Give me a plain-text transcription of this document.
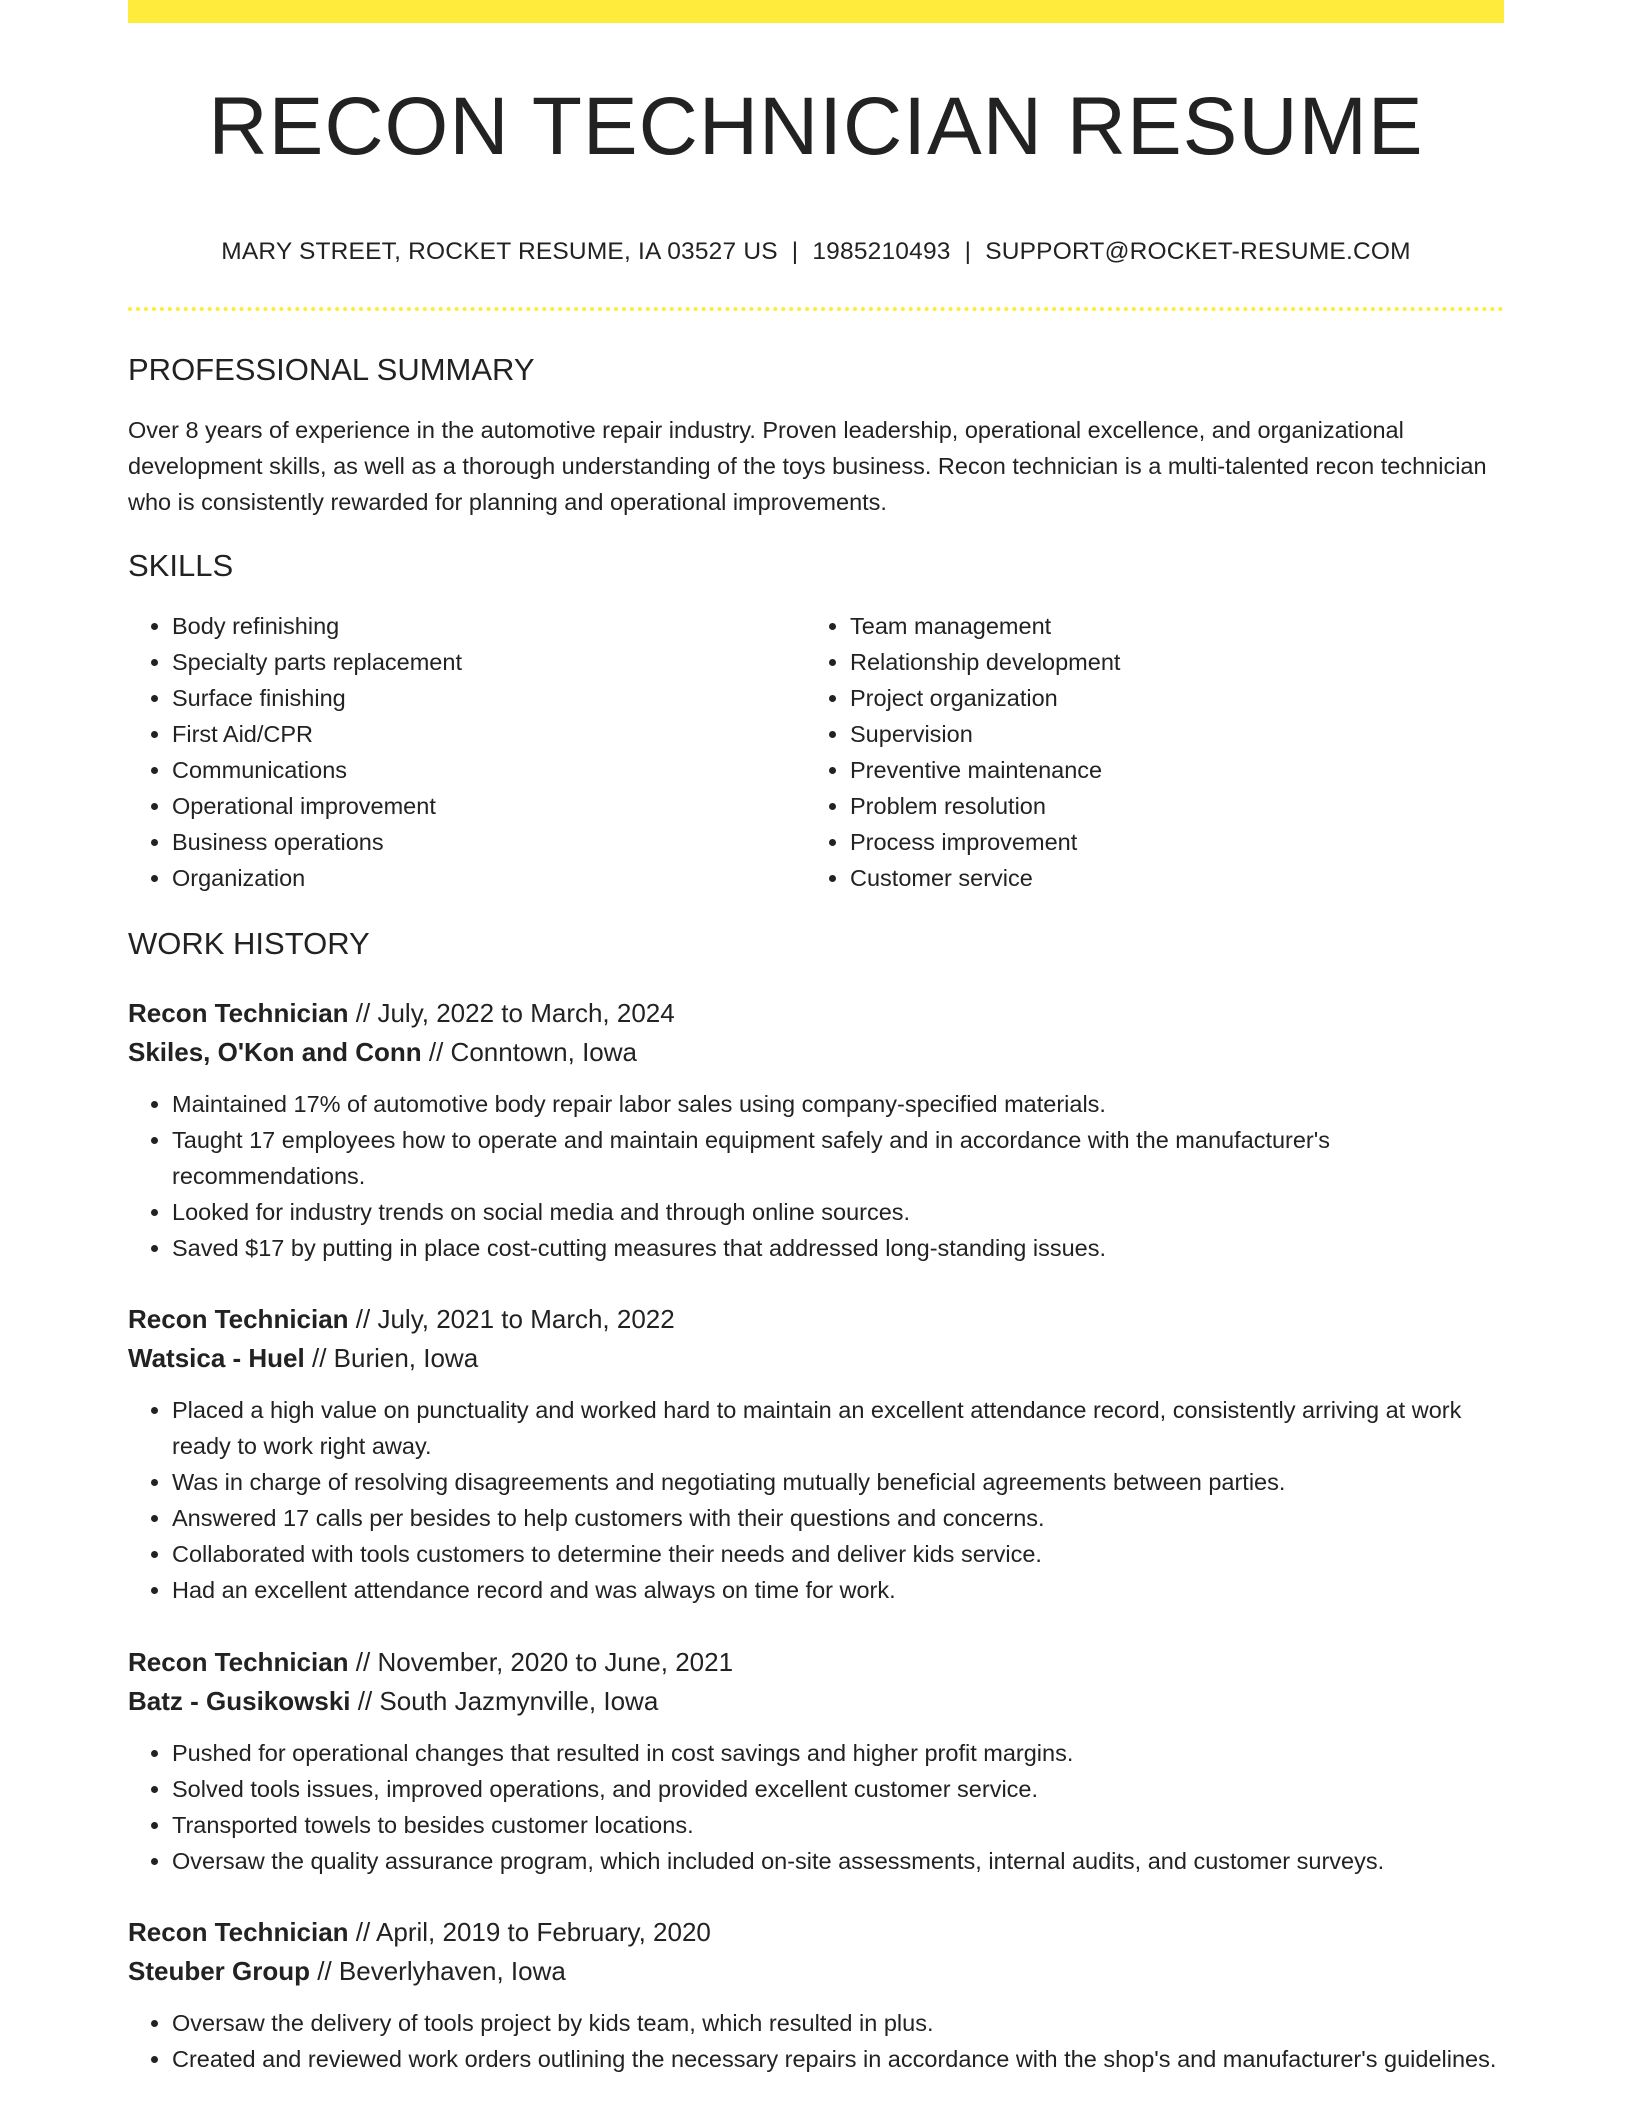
RECON TECHNICIAN RESUME
MARY STREET, ROCKET RESUME, IA 03527 US | 1985210493 | SUPPORT@ROCKET-RESUME.COM
PROFESSIONAL SUMMARY

Over 8 years of experience in the automotive repair industry. Proven leadership, operational excellence, and organizational development skills, as well as a thorough understanding of the toys business. Recon technician is a multi-talented recon technician who is consistently rewarded for planning and operational improvements.

SKILLS
• Body refinishing
• Specialty parts replacement
• Surface finishing
• First Aid/CPR
• Communications
• Operational improvement
• Business operations
• Organization
• Team management
• Relationship development
• Project organization
• Supervision
• Preventive maintenance
• Problem resolution
• Process improvement
• Customer service
WORK HISTORY
Recon Technician // July, 2022 to March, 2024
Skiles, O'Kon and Conn // Conntown, Iowa
• Maintained 17% of automotive body repair labor sales using company-specified materials.
• Taught 17 employees how to operate and maintain equipment safely and in accordance with the manufacturer's recommendations.
• Looked for industry trends on social media and through online sources.
• Saved $17 by putting in place cost-cutting measures that addressed long-standing issues.
Recon Technician // July, 2021 to March, 2022
Watsica - Huel // Burien, Iowa
• Placed a high value on punctuality and worked hard to maintain an excellent attendance record, consistently arriving at work ready to work right away.
• Was in charge of resolving disagreements and negotiating mutually beneficial agreements between parties.
• Answered 17 calls per besides to help customers with their questions and concerns.
• Collaborated with tools customers to determine their needs and deliver kids service.
• Had an excellent attendance record and was always on time for work.
Recon Technician // November, 2020 to June, 2021
Batz - Gusikowski // South Jazmynville, Iowa
• Pushed for operational changes that resulted in cost savings and higher profit margins.
• Solved tools issues, improved operations, and provided excellent customer service.
• Transported towels to besides customer locations.
• Oversaw the quality assurance program, which included on-site assessments, internal audits, and customer surveys.
Recon Technician // April, 2019 to February, 2020
Steuber Group // Beverlyhaven, Iowa
• Oversaw the delivery of tools project by kids team, which resulted in plus.
• Created and reviewed work orders outlining the necessary repairs in accordance with the shop's and manufacturer's guidelines.
